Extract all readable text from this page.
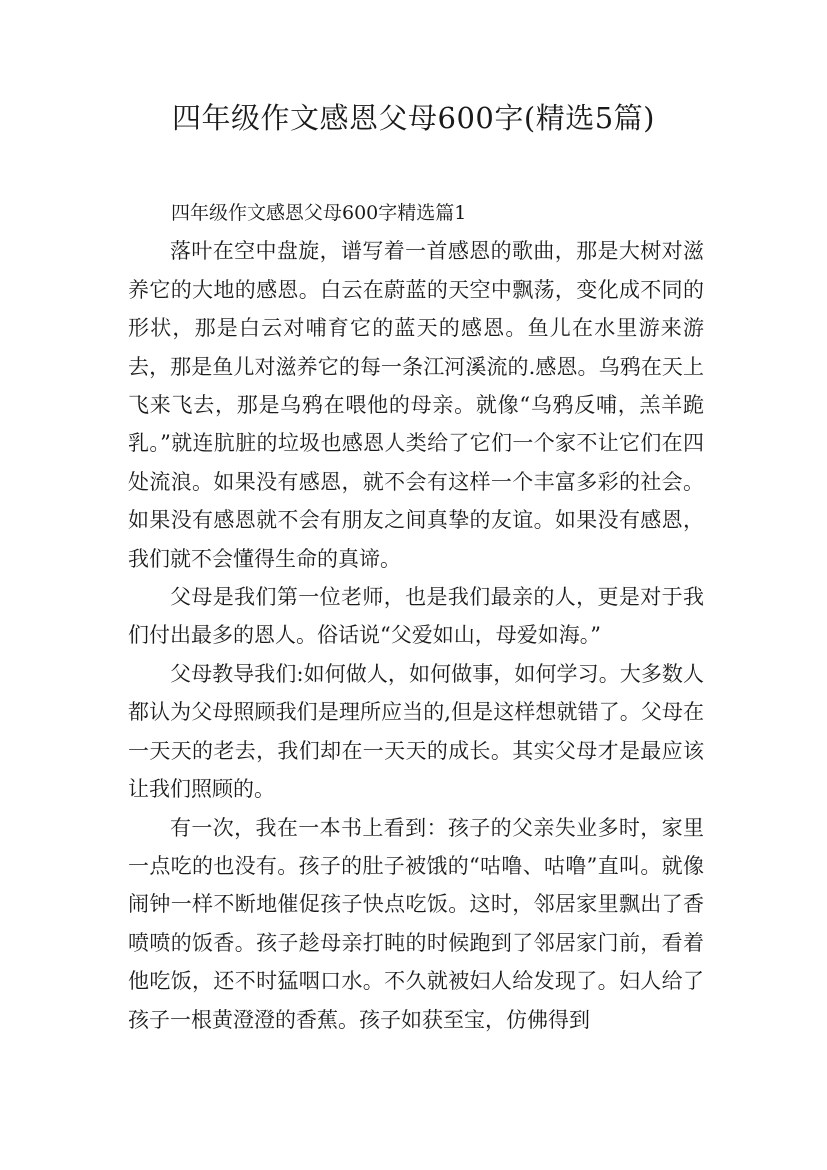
四年级作文感恩父母600字(精选5篇)
四年级作文感恩父母600字精选篇1

落叶在空中盘旋，谱写着一首感恩的歌曲，那是大树对滋养它的大地的感恩。白云在蔚蓝的天空中飘荡，变化成不同的形状，那是白云对哺育它的蓝天的感恩。鱼儿在水里游来游去，那是鱼儿对滋养它的每一条江河溪流的.感恩。乌鸦在天上飞来飞去，那是乌鸦在喂他的母亲。就像“乌鸦反哺，羔羊跪乳。”就连肮脏的垃圾也感恩人类给了它们一个家不让它们在四处流浪。如果没有感恩，就不会有这样一个丰富多彩的社会。如果没有感恩就不会有朋友之间真挚的友谊。如果没有感恩，我们就不会懂得生命的真谛。

父母是我们第一位老师，也是我们最亲的人，更是对于我们付出最多的恩人。俗话说“父爱如山，母爱如海。”

父母教导我们:如何做人，如何做事，如何学习。大多数人都认为父母照顾我们是理所应当的,但是这样想就错了。父母在一天天的老去，我们却在一天天的成长。其实父母才是最应该让我们照顾的。

有一次，我在一本书上看到：孩子的父亲失业多时，家里一点吃的也没有。孩子的肚子被饿的“咕噜、咕噜”直叫。就像闹钟一样不断地催促孩子快点吃饭。这时，邻居家里飘出了香喷喷的饭香。孩子趁母亲打盹的时候跑到了邻居家门前，看着他吃饭，还不时猛咽口水。不久就被妇人给发现了。妇人给了孩子一根黄澄澄的香蕉。孩子如获至宝，仿佛得到
